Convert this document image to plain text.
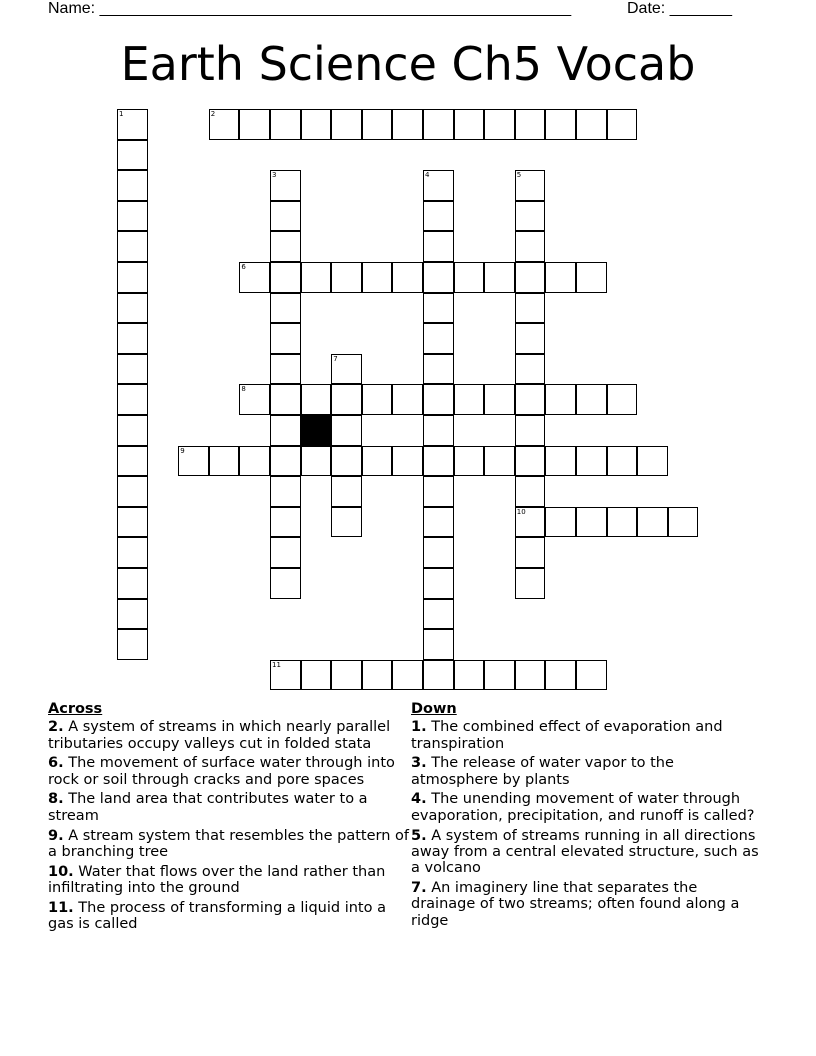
Name: _____________________________________________________	Date: _______
Earth Science Ch5 Vocab
1	2
3	4	5
10
6
7
8
9
11
Across
2. A system of streams in which nearly parallel tributaries occupy valleys cut in folded stata
6. The movement of surface water through into rock or soil through cracks and pore spaces
8. The land area that contributes water to a stream
9. A stream system that resembles the pattern of a branching tree
10. Water that flows over the land rather than infiltrating into the ground
11. The process of transforming a liquid into a gas is called
Down
1. The combined effect of evaporation and transpiration
3. The release of water vapor to the atmosphere by plants
4. The unending movement of water through evaporation, precipitation, and runoff is called?
5. A system of streams running in all directions away from a central elevated structure, such as a volcano
7. An imaginery line that separates the drainage of two streams; often found along a ridge
